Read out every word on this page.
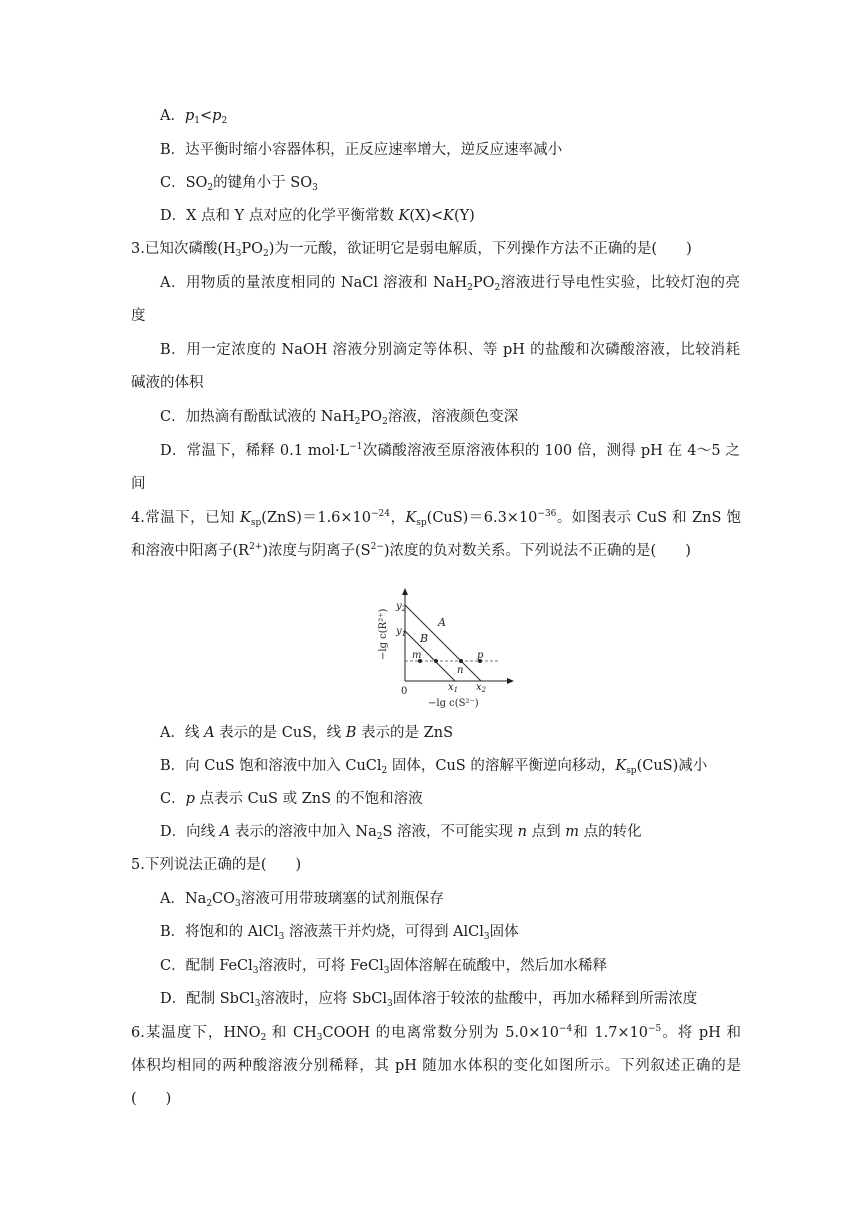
A．$p_1<p_2$
B．达平衡时缩小容器体积，正反应速率增大，逆反应速率减小
C．$SO_2$的键角小于 $SO_3$
D．X 点和 Y 点对应的化学平衡常数 K(X)<K(Y)
3.已知次磷酸$(H_3PO_2)$为一元酸，欲证明它是弱电解质，下列操作方法不正确的是(　　)
A．用物质的量浓度相同的 NaCl 溶液和 $NaH_2PO_2$溶液进行导电性实验，比较灯泡的亮
度
B．用一定浓度的 NaOH 溶液分别滴定等体积、等 pH 的盐酸和次磷酸溶液，比较消耗
碱液的体积
C．加热滴有酚酞试液的 $NaH_2PO_2$溶液，溶液颜色变深
D．常温下，稀释 0.1 $mol\cdot L^{-1}$次磷酸溶液至原溶液体积的 100 倍，测得 pH 在 4～5 之
间
4.常温下，已知 $K_{sp}(ZnS)=1.6\times 10^{-24}$，$K_{sp}(CuS)=6.3\times 10^{-36}$。如图表示 CuS 和 ZnS 饱
和溶液中阳离子$(R^{2+})$浓度与阴离子$(S^{2-})$浓度的负对数关系。下列说法不正确的是(　　)
$y_2$
$y_1$
$x_1$ $x_2$
0
A
B
m
n
p
−lg c(S²⁻)
−lg c(R²⁺)
A．线 A 表示的是 CuS，线 B 表示的是 ZnS
B．向 CuS 饱和溶液中加入 CuCl$_2$ 固体，CuS 的溶解平衡逆向移动，$K_{sp}(CuS)$减小
C．p 点表示 CuS 或 ZnS 的不饱和溶液
D．向线 A 表示的溶液中加入 $Na_2S$ 溶液，不可能实现 n 点到 m 点的转化
5.下列说法正确的是(　　)
A．$Na_2CO_3$溶液可用带玻璃塞的试剂瓶保存
B．将饱和的 AlCl$_3$ 溶液蒸干并灼烧，可得到 AlCl$_3$固体
C．配制 FeCl$_3$溶液时，可将 FeCl$_3$固体溶解在硫酸中，然后加水稀释
D．配制 SbCl$_3$溶液时，应将 SbCl$_3$固体溶于较浓的盐酸中，再加水稀释到所需浓度
6.某温度下，$HNO_2$ 和 $CH_3COOH$ 的电离常数分别为 $5.0\times 10^{-4}$和 $1.7\times 10^{-5}$。将 pH 和
体积均相同的两种酸溶液分别稀释，其 pH 随加水体积的变化如图所示。下列叙述正确的是
(　　)
